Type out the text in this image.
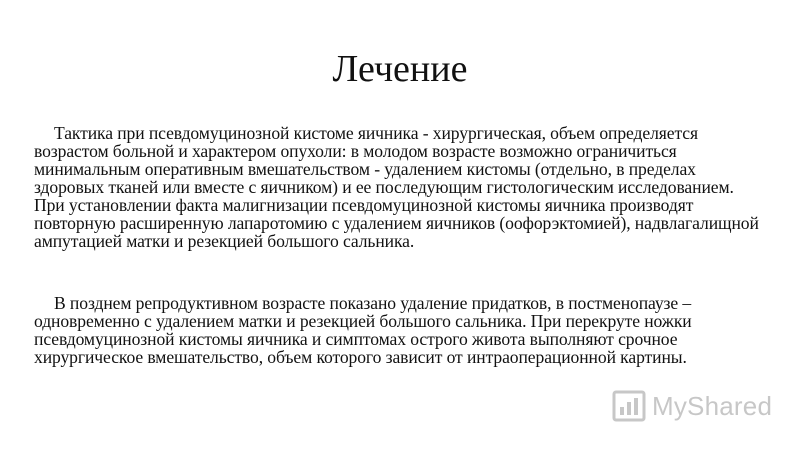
Лечение

Тактика при псевдомуцинозной кистоме яичника - хирургическая, объем определяется возрастом больной и характером опухоли: в молодом возрасте возможно ограничиться минимальным оперативным вмешательством - удалением кистомы (отдельно, в пределах здоровых тканей или вместе с яичником) и ее последующим гистологическим исследованием. При установлении факта малигнизации псевдомуцинозной кистомы яичника производят повторную расширенную лапаротомию с удалением яичников (оофорэктомией), надвлагалищной ампутацией матки и резекцией большого сальника.

В позднем репродуктивном возрасте показано удаление придатков, в постменопаузе – одновременно с удалением матки и резекцией большого сальника. При перекруте ножки псевдомуцинозной кистомы яичника и симптомах острого живота выполняют срочное хирургическое вмешательство, объем которого зависит от интраоперационной картины.

MyShared
